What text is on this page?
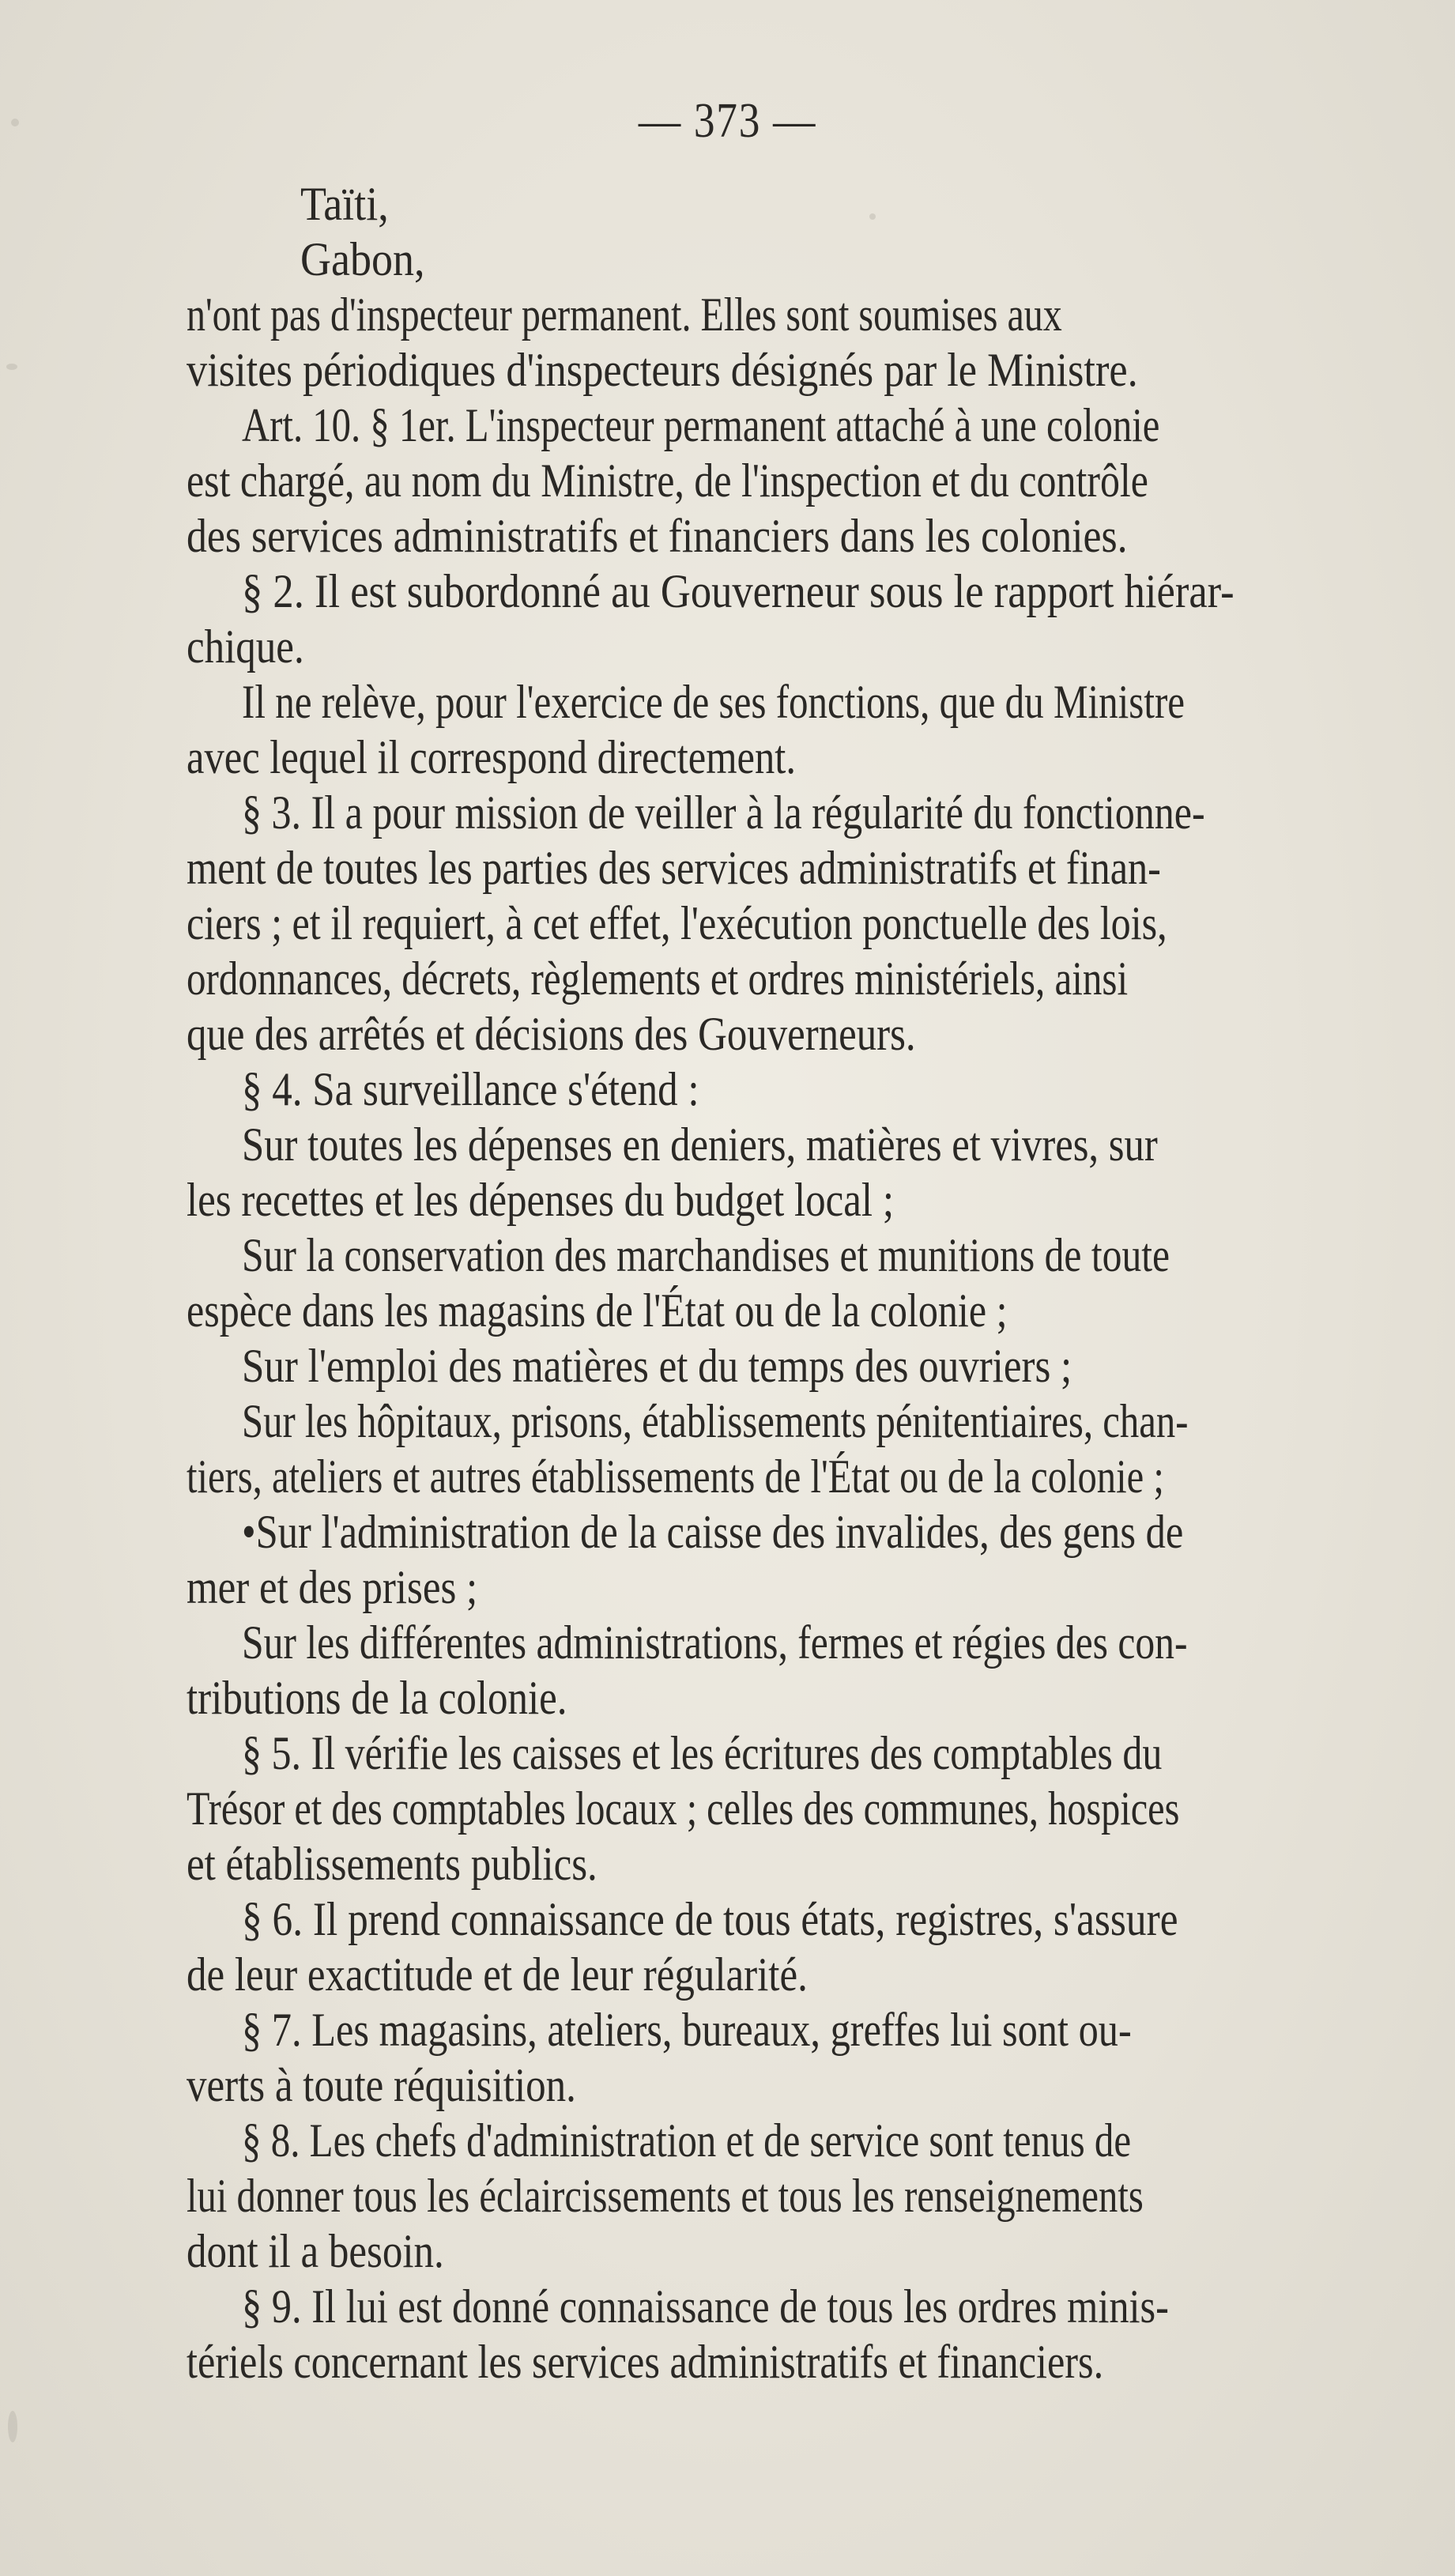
— 373 —
Taïti,
Gabon,
n'ont pas d'inspecteur permanent. Elles sont soumises aux
visites périodiques d'inspecteurs désignés par le Ministre.
Art. 10. § 1er. L'inspecteur permanent attaché à une colonie
est chargé, au nom du Ministre, de l'inspection et du contrôle
des services administratifs et financiers dans les colonies.
§ 2. Il est subordonné au Gouverneur sous le rapport hiérar-
chique.
Il ne relève, pour l'exercice de ses fonctions, que du Ministre
avec lequel il correspond directement.
§ 3. Il a pour mission de veiller à la régularité du fonctionne-
ment de toutes les parties des services administratifs et finan-
ciers ; et il requiert, à cet effet, l'exécution ponctuelle des lois,
ordonnances, décrets, règlements et ordres ministériels, ainsi
que des arrêtés et décisions des Gouverneurs.
§ 4. Sa surveillance s'étend :
Sur toutes les dépenses en deniers, matières et vivres, sur
les recettes et les dépenses du budget local ;
Sur la conservation des marchandises et munitions de toute
espèce dans les magasins de l'État ou de la colonie ;
Sur l'emploi des matières et du temps des ouvriers ;
Sur les hôpitaux, prisons, établissements pénitentiaires, chan-
tiers, ateliers et autres établissements de l'État ou de la colonie ;
•Sur l'administration de la caisse des invalides, des gens de
mer et des prises ;
Sur les différentes administrations, fermes et régies des con-
tributions de la colonie.
§ 5. Il vérifie les caisses et les écritures des comptables du
Trésor et des comptables locaux ; celles des communes, hospices
et établissements publics.
§ 6. Il prend connaissance de tous états, registres, s'assure
de leur exactitude et de leur régularité.
§ 7. Les magasins, ateliers, bureaux, greffes lui sont ou-
verts à toute réquisition.
§ 8. Les chefs d'administration et de service sont tenus de
lui donner tous les éclaircissements et tous les renseignements
dont il a besoin.
§ 9. Il lui est donné connaissance de tous les ordres minis-
tériels concernant les services administratifs et financiers.
